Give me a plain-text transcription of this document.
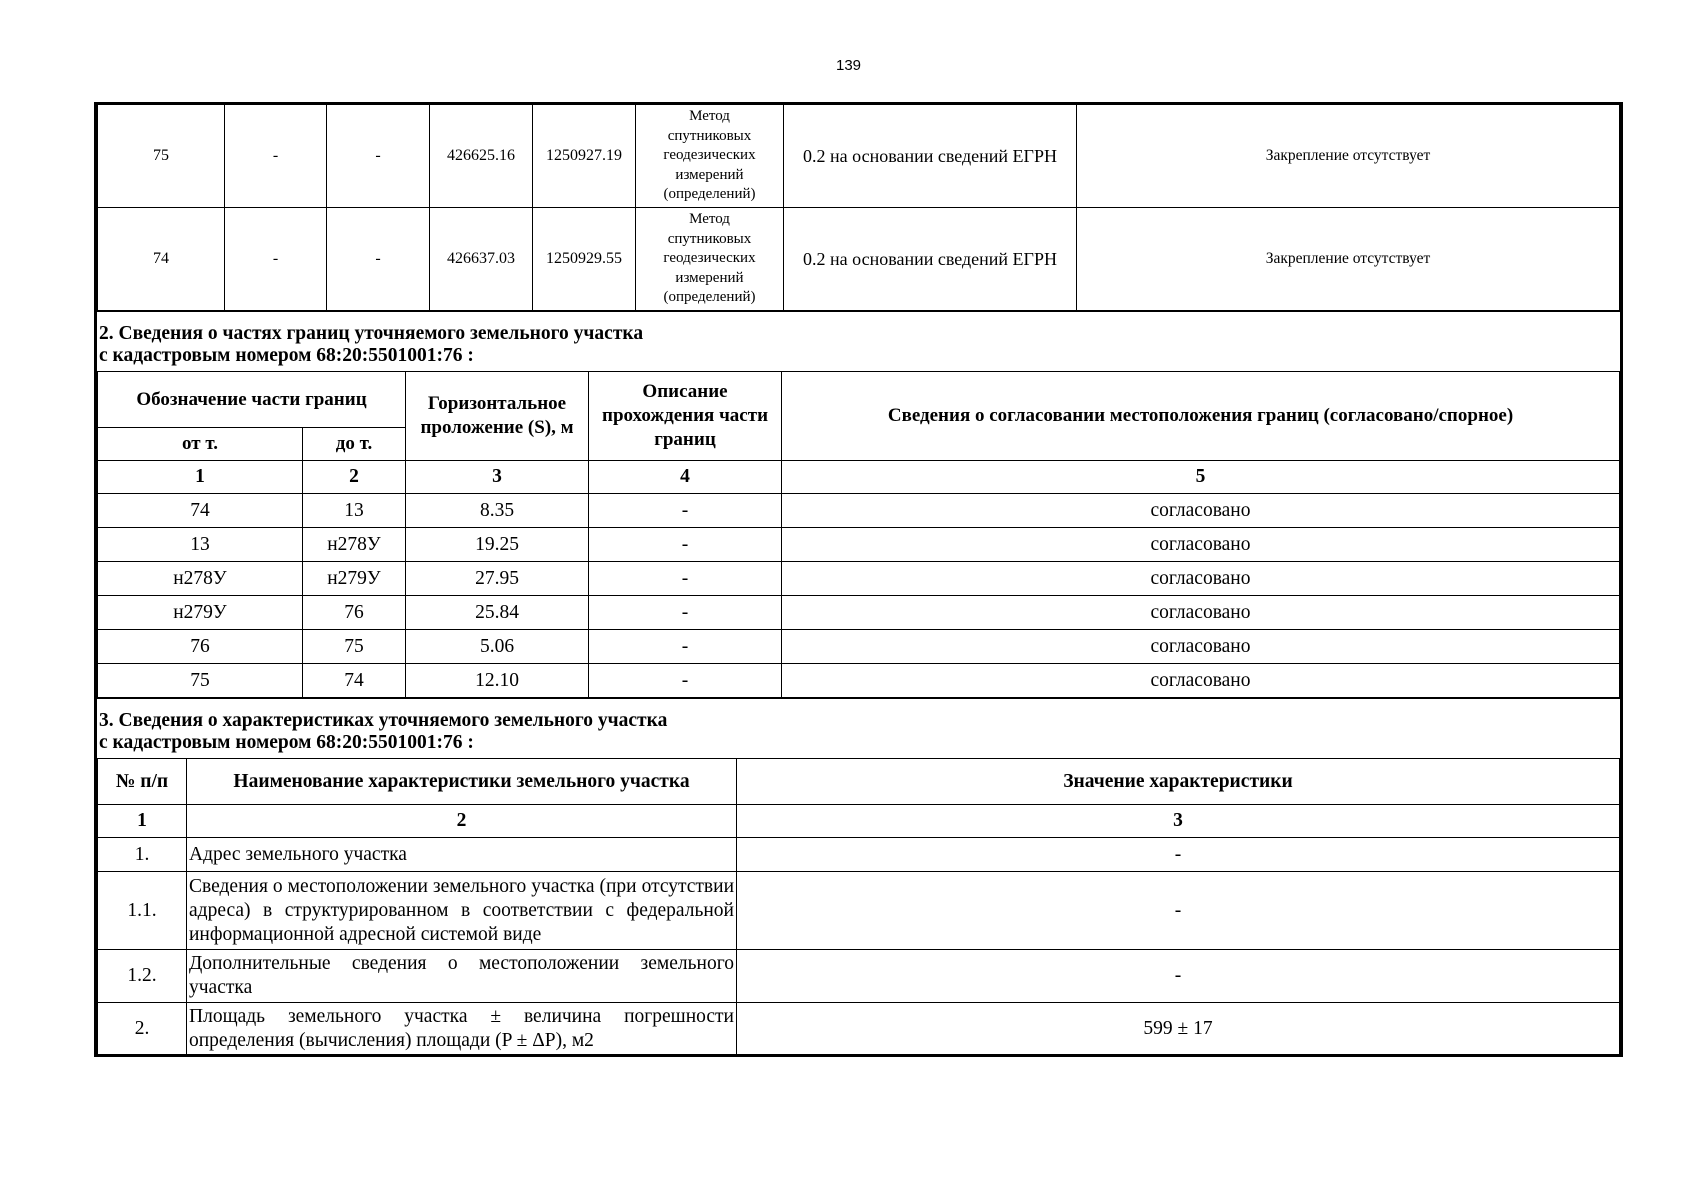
139
75	-	-	426625.16	1250927.19	Метод
спутниковых
геодезических
измерений
(определений)	0.2 на основании сведений ЕГРН	Закрепление отсутствует
74	-	-	426637.03	1250929.55	Метод
спутниковых
геодезических
измерений
(определений)	0.2 на основании сведений ЕГРН	Закрепление отсутствует
2. Сведения о частях границ уточняемого земельного участка
с кадастровым номером 68:20:5501001:76 :
Обозначение части границ		Горизонтальное проложение (S), м	Описание прохождения части границ	Сведения о согласовании местоположения границ (согласовано/спорное)
от т.	до т.			
1	2	3	4	5
74	13	8.35	-	согласовано
13	н278У	19.25	-	согласовано
н278У	н279У	27.95	-	согласовано
н279У	76	25.84	-	согласовано
76	75	5.06	-	согласовано
75	74	12.10	-	согласовано
3. Сведения о характеристиках уточняемого земельного участка
с кадастровым номером 68:20:5501001:76 :
№ п/п	Наименование характеристики земельного участка	Значение характеристики
1	2	3
1.	Адрес земельного участка	-
1.1.	Сведения о местоположении земельного участка (при отсутствии адреса) в структурированном в соответствии с федеральной информационной адресной системой виде	-
1.2.	Дополнительные сведения о местоположении земельного участка	-
2.	Площадь земельного участка ± величина погрешности определения (вычисления) площади (P ± ΔP), м2	599 ± 17
